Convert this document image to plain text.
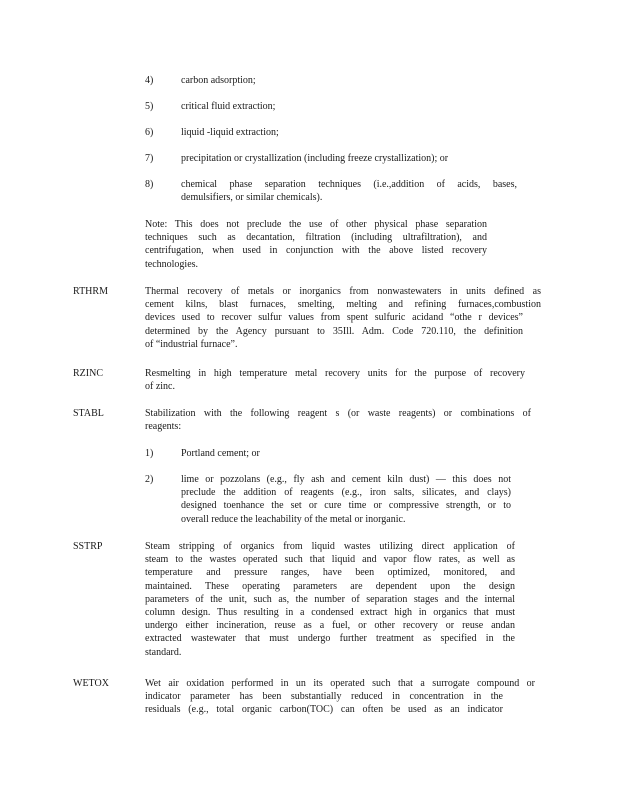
4)	carbon adsorption;
5)	critical fluid extraction;
6)	liquid -liquid extraction;
7)	precipitation or crystallization (including freeze crystallization); or
8)	chemical phase separation techniques (i.e.,addition of acids, bases,
demulsifiers, or similar chemicals).
Note: This does not preclude the use of other physical phase separation
techniques such as decantation, filtration (including ultrafiltration), and
centrifugation, when used in conjunction with the above listed recovery
technologies.
RTHRM	Thermal recovery of metals or inorganics from nonwastewaters in units defined as
cement kilns, blast furnaces, smelting, melting and refining furnaces,combustion
devices used to recover sulfur values from spent sulfuric acidand “othe r devices”
determined by the Agency pursuant to 35Ill. Adm. Code 720.110, the definition
of “industrial furnace”.
RZINC	Resmelting in high temperature metal recovery units for the purpose of recovery
of zinc.
STABL	Stabilization with the following reagent s (or waste reagents) or combinations of
reagents:
1)	Portland cement; or
2)	lime or pozzolans (e.g., fly ash and cement kiln dust) — this does not
preclude the addition of reagents (e.g., iron salts, silicates, and clays)
designed toenhance the set or cure time or compressive strength, or to
overall reduce the leachability of the metal or inorganic.
SSTRP	Steam stripping of organics from liquid wastes utilizing direct application of
steam to the wastes operated such that liquid and vapor flow rates, as well as
temperature and pressure ranges, have been optimized, monitored, and
maintained. These operating parameters are dependent upon the design
parameters of the unit, such as, the number of separation stages and the internal
column design. Thus resulting in a condensed extract high in organics that must
undergo either incineration, reuse as a fuel, or other recovery or reuse andan
extracted wastewater that must undergo further treatment as specified in the
standard.
WETOX	Wet air oxidation performed in un its operated such that a surrogate compound or
indicator parameter has been substantially reduced in concentration in the
residuals (e.g., total organic carbon(TOC) can often be used as an indicator
